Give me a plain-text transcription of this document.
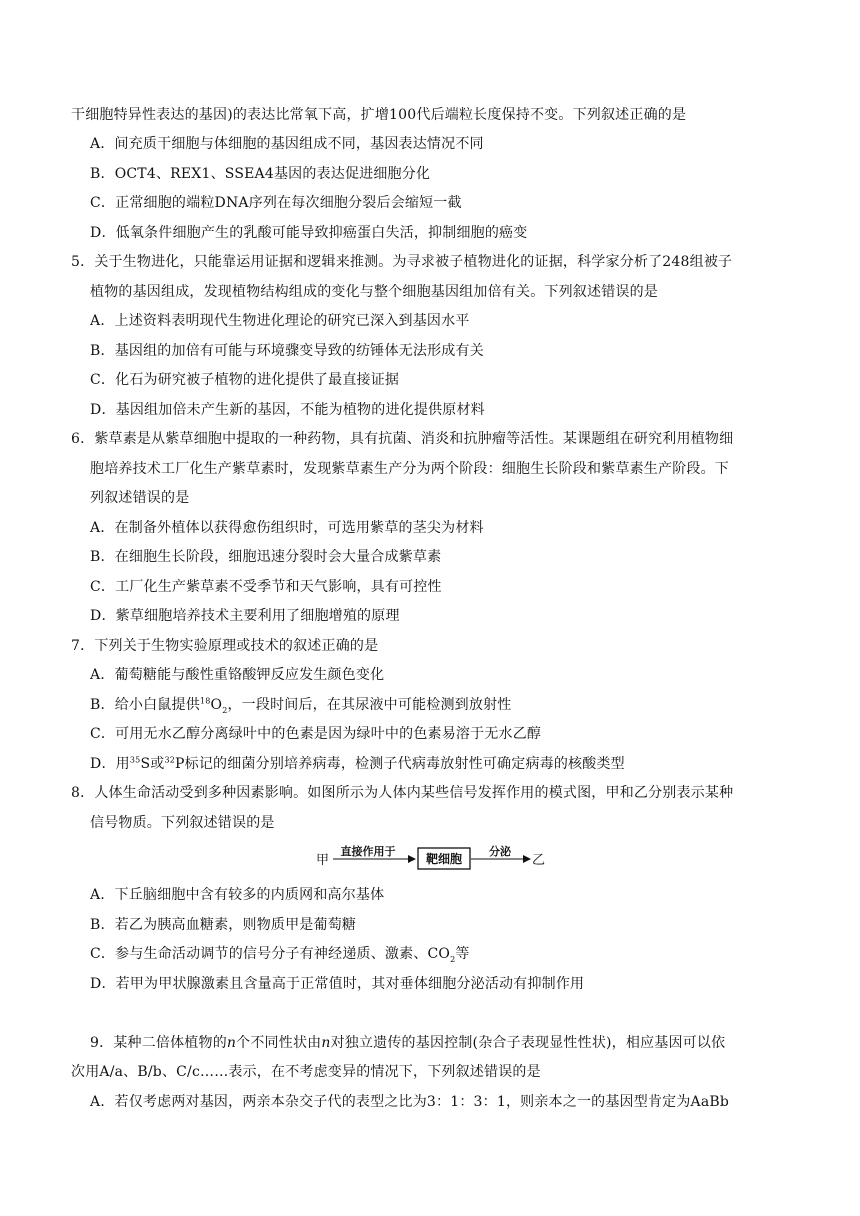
干细胞特异性表达的基因)的表达比常氧下高，扩增100代后端粒长度保持不变。下列叙述正确的是
A．间充质干细胞与体细胞的基因组成不同，基因表达情况不同
B．OCT4、REX1、SSEA4基因的表达促进细胞分化
C．正常细胞的端粒DNA序列在每次细胞分裂后会缩短一截
D．低氧条件细胞产生的乳酸可能导致抑癌蛋白失活，抑制细胞的癌变
5．关于生物进化，只能靠运用证据和逻辑来推测。为寻求被子植物进化的证据，科学家分析了248组被子
植物的基因组成，发现植物结构组成的变化与整个细胞基因组加倍有关。下列叙述错误的是
A．上述资料表明现代生物进化理论的研究已深入到基因水平
B．基因组的加倍有可能与环境骤变导致的纺锤体无法形成有关
C．化石为研究被子植物的进化提供了最直接证据
D．基因组加倍未产生新的基因，不能为植物的进化提供原材料
6．紫草素是从紫草细胞中提取的一种药物，具有抗菌、消炎和抗肿瘤等活性。某课题组在研究利用植物细
胞培养技术工厂化生产紫草素时，发现紫草素生产分为两个阶段：细胞生长阶段和紫草素生产阶段。下
列叙述错误的是
A．在制备外植体以获得愈伤组织时，可选用紫草的茎尖为材料
B．在细胞生长阶段，细胞迅速分裂时会大量合成紫草素
C．工厂化生产紫草素不受季节和天气影响，具有可控性
D．紫草细胞培养技术主要利用了细胞增殖的原理
7．下列关于生物实验原理或技术的叙述正确的是
A．葡萄糖能与酸性重铬酸钾反应发生颜色变化
B．给小白鼠提供$^{18}O_2$，一段时间后，在其尿液中可能检测到放射性
C．可用无水乙醇分离绿叶中的色素是因为绿叶中的色素易溶于无水乙醇
D．用$^{35}$S或$^{32}$P标记的细菌分别培养病毒，检测子代病毒放射性可确定病毒的核酸类型
8．人体生命活动受到多种因素影响。如图所示为人体内某些信号发挥作用的模式图，甲和乙分别表示某种
信号物质。下列叙述错误的是
甲
直接作用于
靶细胞
分泌
乙
A．下丘脑细胞中含有较多的内质网和高尔基体
B．若乙为胰高血糖素，则物质甲是葡萄糖
C．参与生命活动调节的信号分子有神经递质、激素、$CO_2$等
D．若甲为甲状腺激素且含量高于正常值时，其对垂体细胞分泌活动有抑制作用
9．某种二倍体植物的n个不同性状由n对独立遗传的基因控制(杂合子表现显性性状)，相应基因可以依
次用A/a、B/b、C/c……表示，在不考虑变异的情况下，下列叙述错误的是
A．若仅考虑两对基因，两亲本杂交子代的表型之比为3：1：3：1，则亲本之一的基因型肯定为AaBb
